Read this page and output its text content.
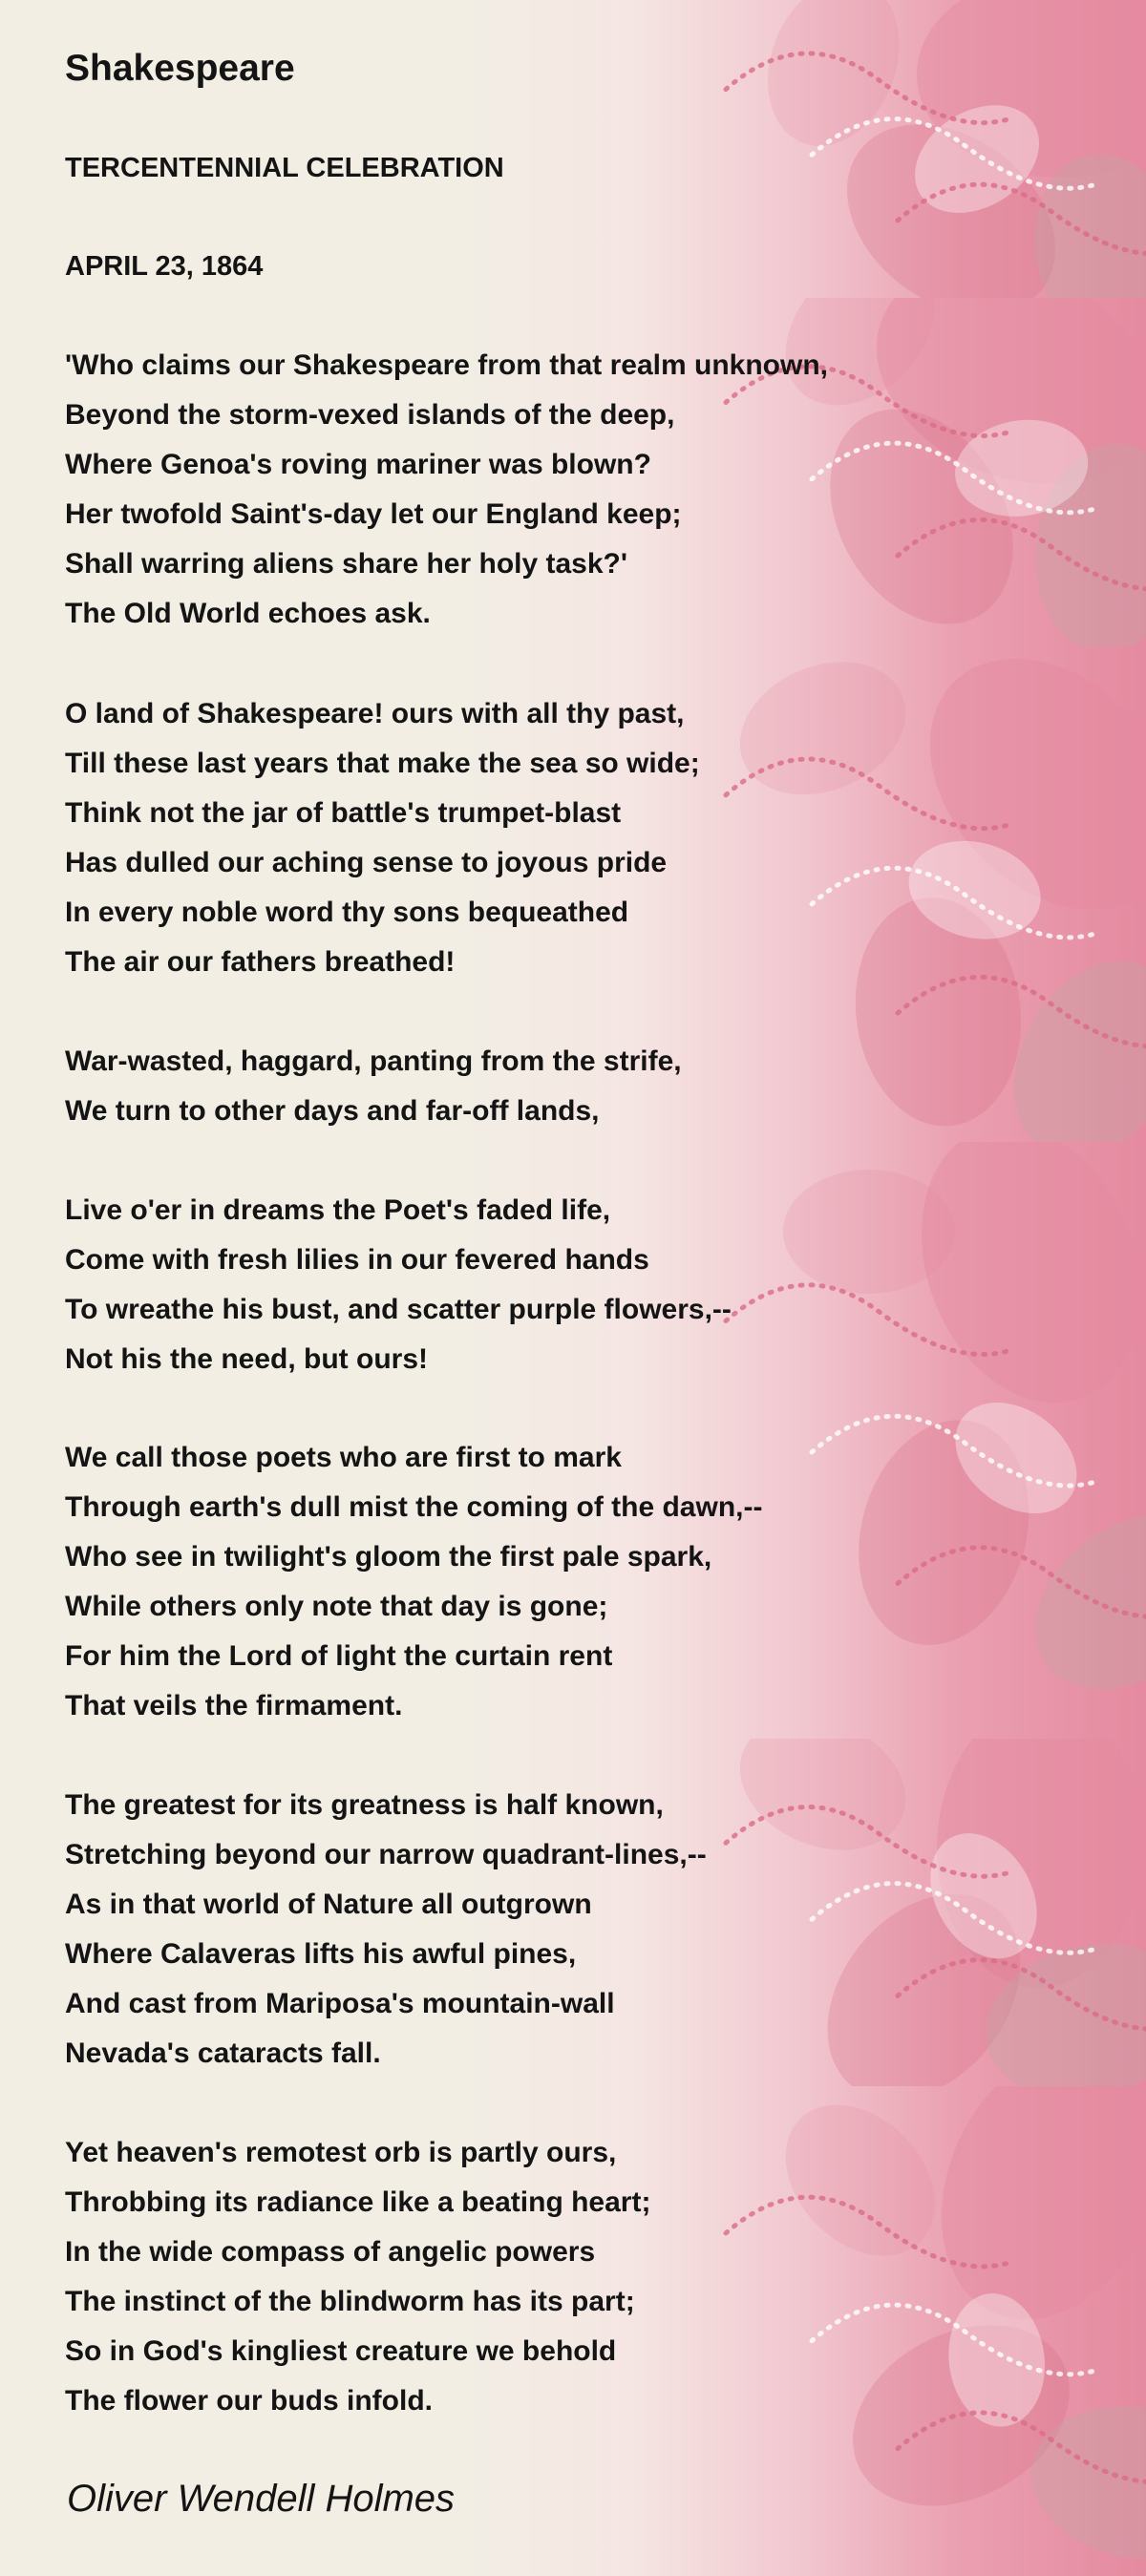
Shakespeare

TERCENTENNIAL CELEBRATION

APRIL 23, 1864

'Who claims our Shakespeare from that realm unknown,
Beyond the storm-vexed islands of the deep,
Where Genoa's roving mariner was blown?
Her twofold Saint's-day let our England keep;
Shall warring aliens share her holy task?'
The Old World echoes ask.
O land of Shakespeare! ours with all thy past,
Till these last years that make the sea so wide;
Think not the jar of battle's trumpet-blast
Has dulled our aching sense to joyous pride
In every noble word thy sons bequeathed
The air our fathers breathed!
War-wasted, haggard, panting from the strife,
We turn to other days and far-off lands,
Live o'er in dreams the Poet's faded life,
Come with fresh lilies in our fevered hands
To wreathe his bust, and scatter purple flowers,--
Not his the need, but ours!
We call those poets who are first to mark
Through earth's dull mist the coming of the dawn,--
Who see in twilight's gloom the first pale spark,
While others only note that day is gone;
For him the Lord of light the curtain rent
That veils the firmament.
The greatest for its greatness is half known,
Stretching beyond our narrow quadrant-lines,--
As in that world of Nature all outgrown
Where Calaveras lifts his awful pines,
And cast from Mariposa's mountain-wall
Nevada's cataracts fall.
Yet heaven's remotest orb is partly ours,
Throbbing its radiance like a beating heart;
In the wide compass of angelic powers
The instinct of the blindworm has its part;
So in God's kingliest creature we behold
The flower our buds infold.

Oliver Wendell Holmes
